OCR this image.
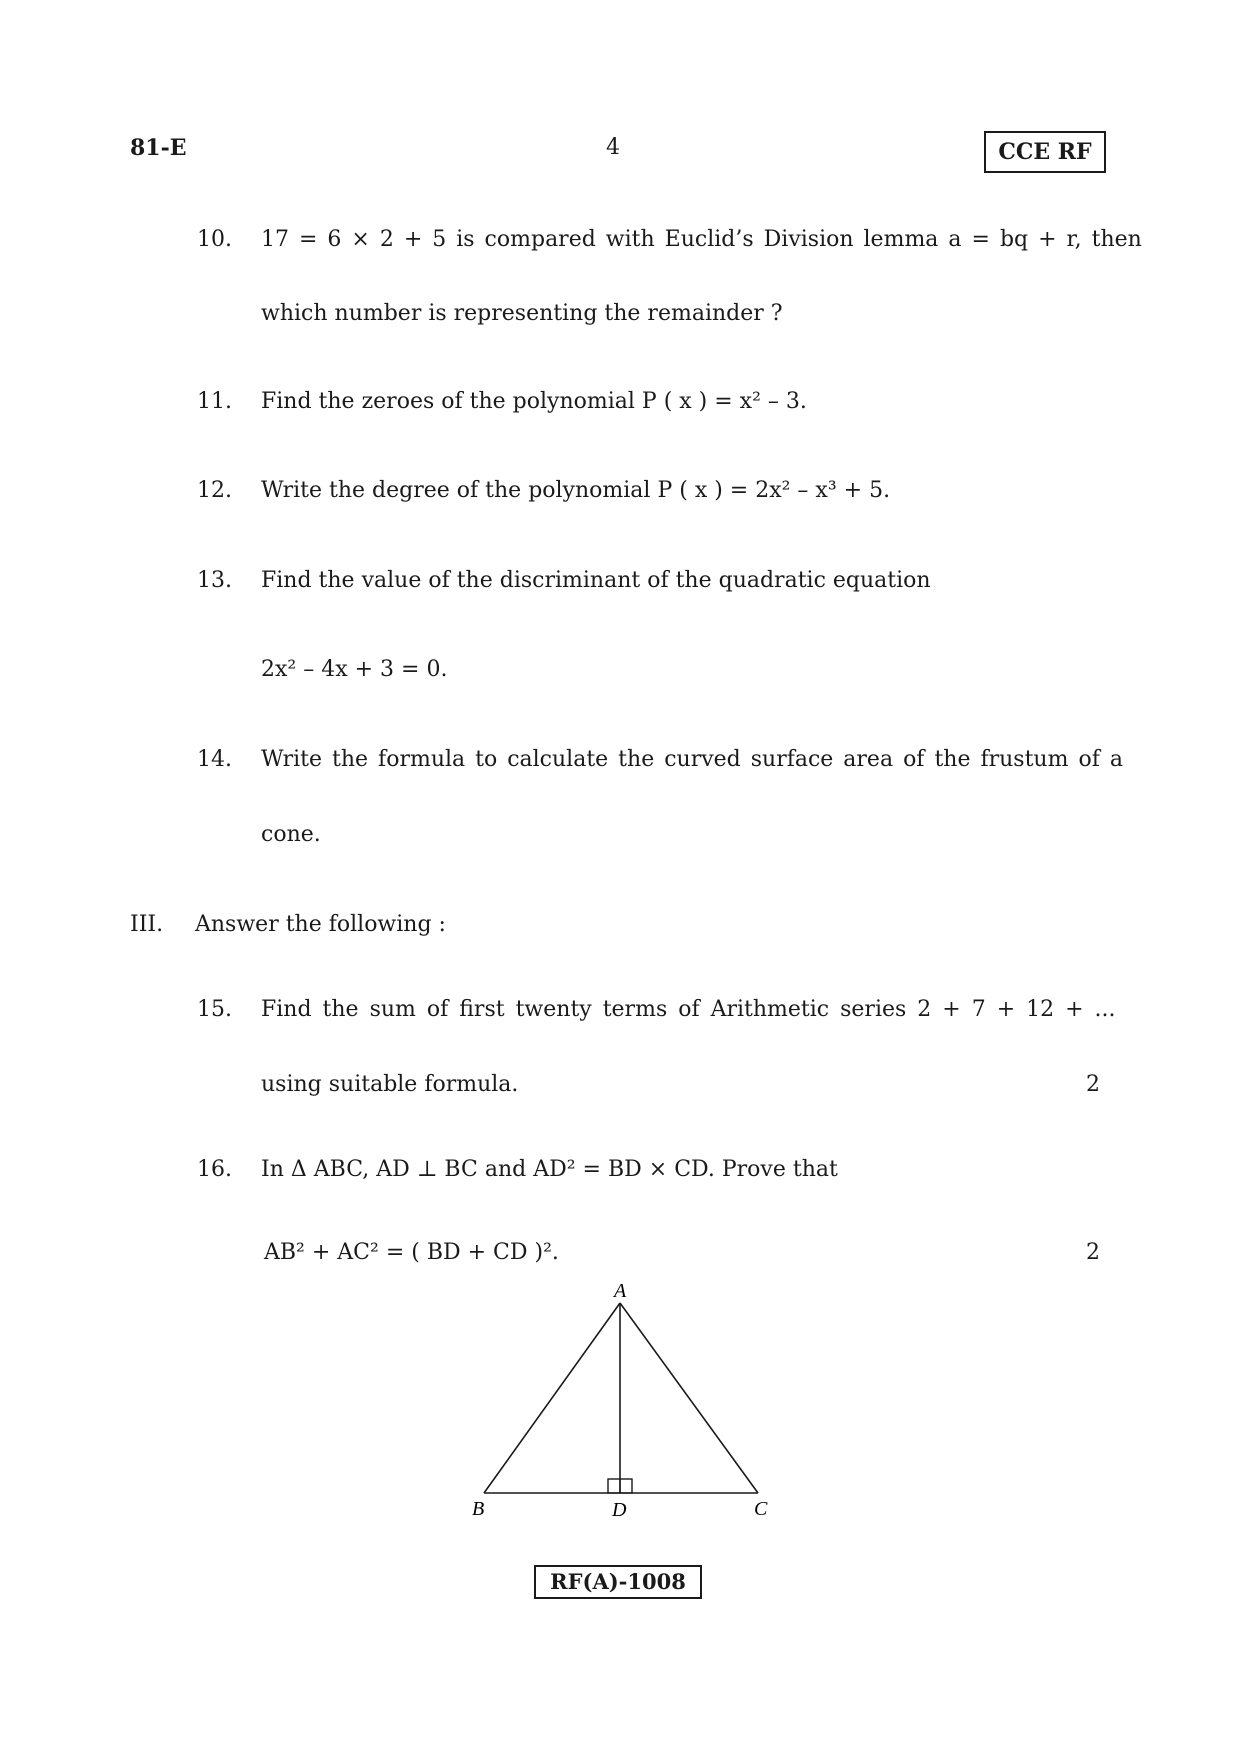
81-E	4	CCE RF
10. 17 = 6 × 2 + 5 is compared with Euclid’s Division lemma a = bq + r, then
which number is representing the remainder ?
11. Find the zeroes of the polynomial P ( x ) = x² – 3.
12. Write the degree of the polynomial P ( x ) = 2x² – x³ + 5.
13. Find the value of the discriminant of the quadratic equation
2x² – 4x + 3 = 0.
14. Write the formula to calculate the curved surface area of the frustum of a
cone.
III. Answer the following :
15. Find the sum of first twenty terms of Arithmetic series 2 + 7 + 12 + ...
using suitable formula.	2
16. In Δ ABC, AD ⊥ BC and AD² = BD × CD. Prove that
AB² + AC² = ( BD + CD )².	2
A
B	D	C
RF(A)-1008
